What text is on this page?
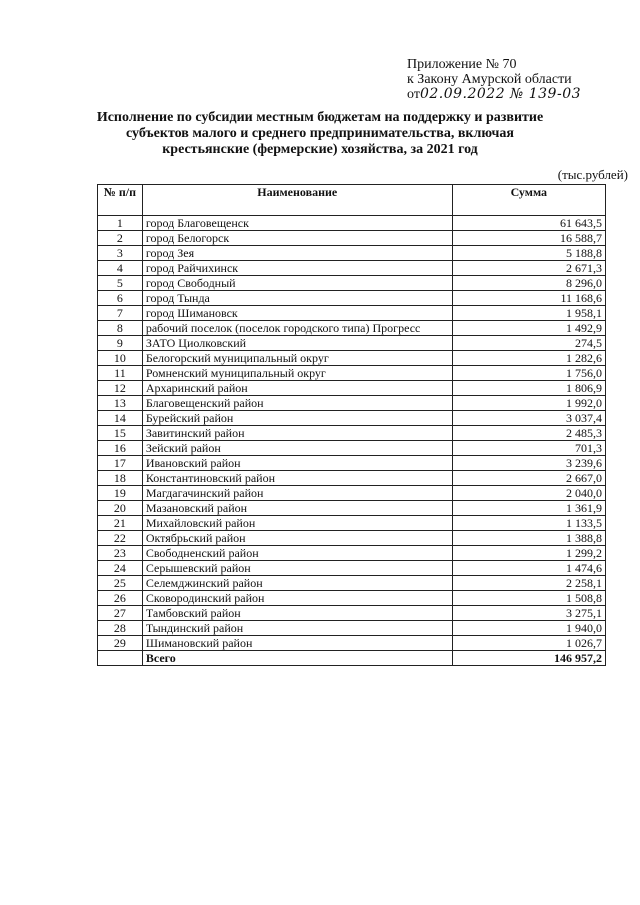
Приложение № 70
к Закону Амурской области
от02.09.2022 № 139-03
Исполнение по субсидии местным бюджетам на поддержку и развитие субъектов малого и среднего предпринимательства, включая крестьянские (фермерские) хозяйства, за 2021 год
(тыс.рублей)
№ п/п	Наименование	Сумма
1	город Благовещенск	61 643,5
2	город Белогорск	16 588,7
3	город Зея	5 188,8
4	город Райчихинск	2 671,3
5	город Свободный	8 296,0
6	город Тында	11 168,6
7	город Шимановск	1 958,1
8	рабочий поселок (поселок городского типа) Прогресс	1 492,9
9	ЗАТО Циолковский	274,5
10	Белогорский муниципальный округ	1 282,6
11	Ромненский муниципальный округ	1 756,0
12	Архаринский район	1 806,9
13	Благовещенский район	1 992,0
14	Бурейский район	3 037,4
15	Завитинский район	2 485,3
16	Зейский район	701,3
17	Ивановский район	3 239,6
18	Константиновский район	2 667,0
19	Магдагачинский район	2 040,0
20	Мазановский район	1 361,9
21	Михайловский район	1 133,5
22	Октябрьский район	1 388,8
23	Свободненский район	1 299,2
24	Серышевский район	1 474,6
25	Селемджинский район	2 258,1
26	Сковородинский район	1 508,8
27	Тамбовский район	3 275,1
28	Тындинский район	1 940,0
29	Шимановский район	1 026,7
	Всего	146 957,2
